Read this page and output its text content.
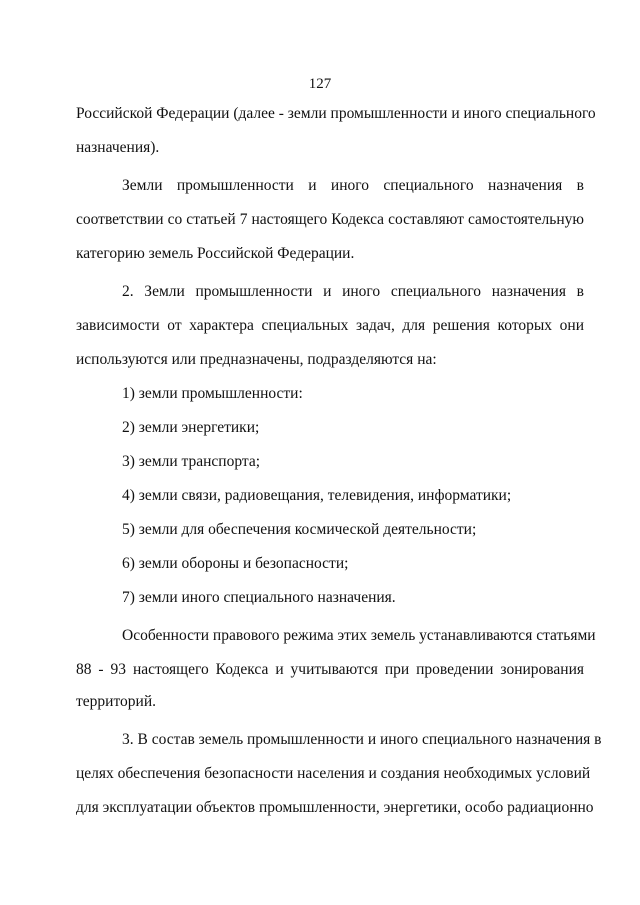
127
Российской Федерации (далее - земли промышленности и иного специального
назначения).
Земли промышленности и иного специального назначения в
соответствии со статьей 7 настоящего Кодекса составляют самостоятельную
категорию земель Российской Федерации.
2. Земли промышленности и иного специального назначения в
зависимости от характера специальных задач, для решения которых они
используются или предназначены, подразделяются на:
1) земли промышленности:
2) земли энергетики;
3) земли транспорта;
4) земли связи, радиовещания, телевидения, информатики;
5) земли для обеспечения космической деятельности;
6) земли обороны и безопасности;
7) земли иного специального назначения.
Особенности правового режима этих земель устанавливаются статьями
88 - 93 настоящего Кодекса и учитываются при проведении зонирования
территорий.
3. В состав земель промышленности и иного специального назначения в
целях обеспечения безопасности населения и создания необходимых условий
для эксплуатации объектов промышленности, энергетики, особо радиационно
